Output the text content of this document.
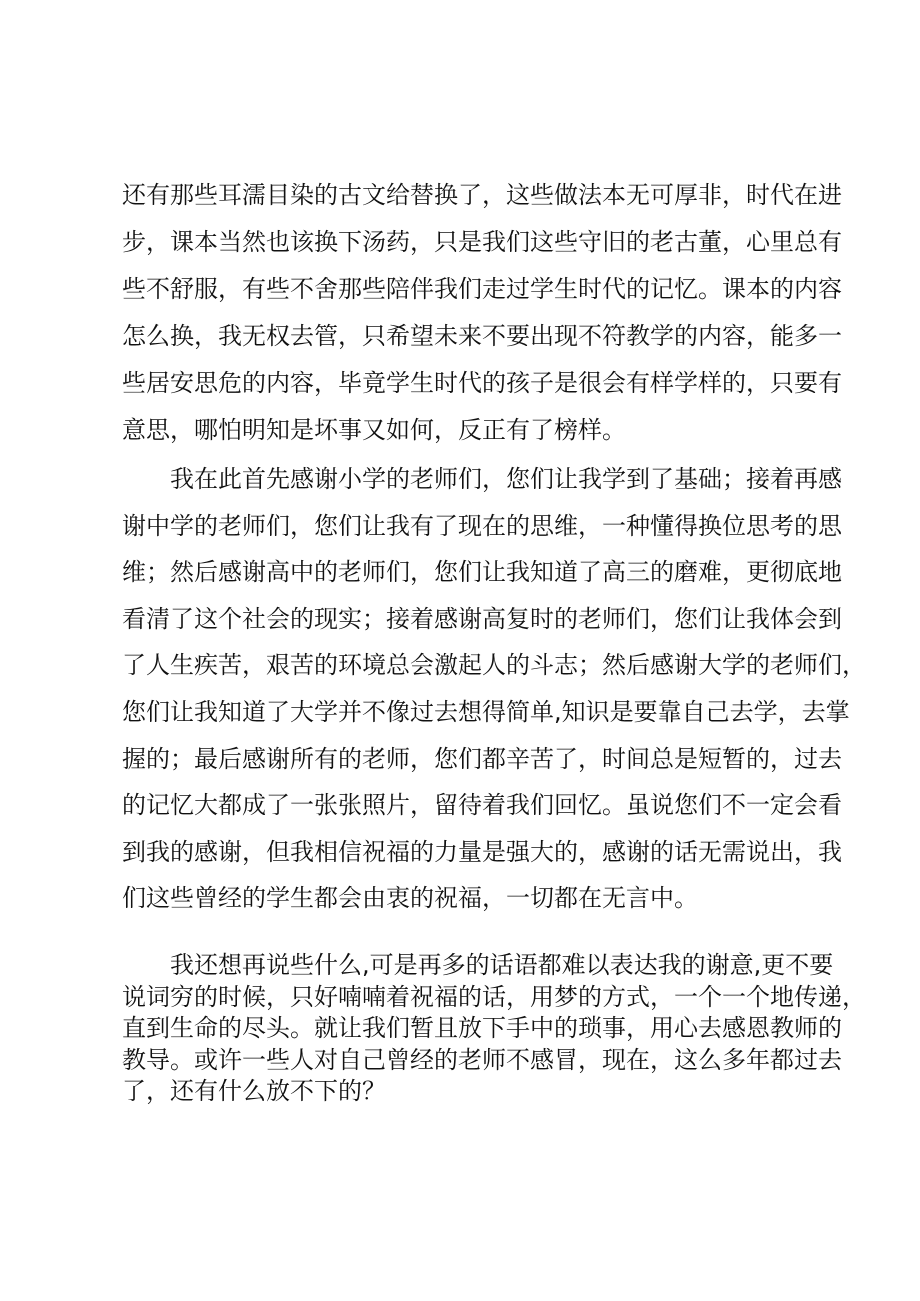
还有那些耳濡目染的古文给替换了，这些做法本无可厚非，时代在进
步，课本当然也该换下汤药，只是我们这些守旧的老古董，心里总有
些不舒服，有些不舍那些陪伴我们走过学生时代的记忆。课本的内容
怎么换，我无权去管，只希望未来不要出现不符教学的内容，能多一
些居安思危的内容，毕竟学生时代的孩子是很会有样学样的，只要有
意思，哪怕明知是坏事又如何，反正有了榜样。
　　我在此首先感谢小学的老师们，您们让我学到了基础；接着再感
谢中学的老师们，您们让我有了现在的思维，一种懂得换位思考的思
维；然后感谢高中的老师们，您们让我知道了高三的磨难，更彻底地
看清了这个社会的现实；接着感谢高复时的老师们，您们让我体会到
了人生疾苦，艰苦的环境总会激起人的斗志；然后感谢大学的老师们，
您们让我知道了大学并不像过去想得简单,知识是要靠自己去学，去掌
握的；最后感谢所有的老师，您们都辛苦了，时间总是短暂的，过去
的记忆大都成了一张张照片，留待着我们回忆。虽说您们不一定会看
到我的感谢，但我相信祝福的力量是强大的，感谢的话无需说出，我
们这些曾经的学生都会由衷的祝福，一切都在无言中。
　　我还想再说些什么,可是再多的话语都难以表达我的谢意,更不要
说词穷的时候，只好喃喃着祝福的话，用梦的方式，一个一个地传递，
直到生命的尽头。就让我们暂且放下手中的琐事，用心去感恩教师的
教导。或许一些人对自己曾经的老师不感冒，现在，这么多年都过去
了，还有什么放不下的？
